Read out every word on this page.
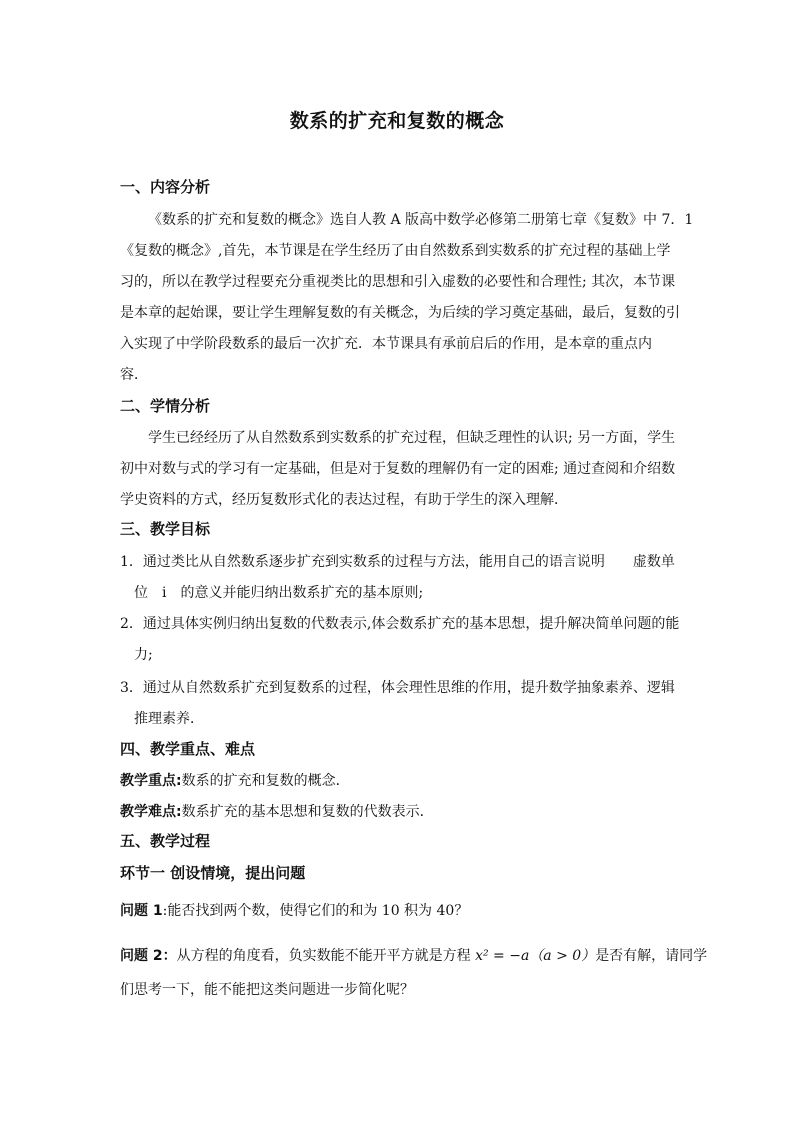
数系的扩充和复数的概念
一、内容分析
《数系的扩充和复数的概念》选自人教 A 版高中数学必修第二册第七章《复数》中 7．1
《复数的概念》,首先，本节课是在学生经历了由自然数系到实数系的扩充过程的基础上学
习的，所以在教学过程要充分重视类比的思想和引入虚数的必要性和合理性; 其次，本节课
是本章的起始课，要让学生理解复数的有关概念，为后续的学习奠定基础，最后，复数的引
入实现了中学阶段数系的最后一次扩充．本节课具有承前启后的作用，是本章的重点内
容．
二、学情分析
学生已经经历了从自然数系到实数系的扩充过程，但缺乏理性的认识; 另一方面，学生
初中对数与式的学习有一定基础，但是对于复数的理解仍有一定的困难; 通过查阅和介绍数
学史资料的方式，经历复数形式化的表达过程，有助于学生的深入理解．
三、教学目标
1．通过类比从自然数系逐步扩充到实数系的过程与方法，能用自己的语言说明　　虚数单
位　i　的意义并能归纳出数系扩充的基本原则;
2．通过具体实例归纳出复数的代数表示,体会数系扩充的基本思想，提升解决简单问题的能
力;
3．通过从自然数系扩充到复数系的过程，体会理性思维的作用，提升数学抽象素养、逻辑
推理素养．
四、教学重点、难点
教学重点:数系的扩充和复数的概念．
教学难点:数系扩充的基本思想和复数的代数表示．
五、教学过程
环节一 创设情境，提出问题
问题 1:能否找到两个数，使得它们的和为 10 积为 40？
问题 2：从方程的角度看，负实数能不能开平方就是方程 x² = −a（a > 0）是否有解，请同学
们思考一下，能不能把这类问题进一步简化呢？
